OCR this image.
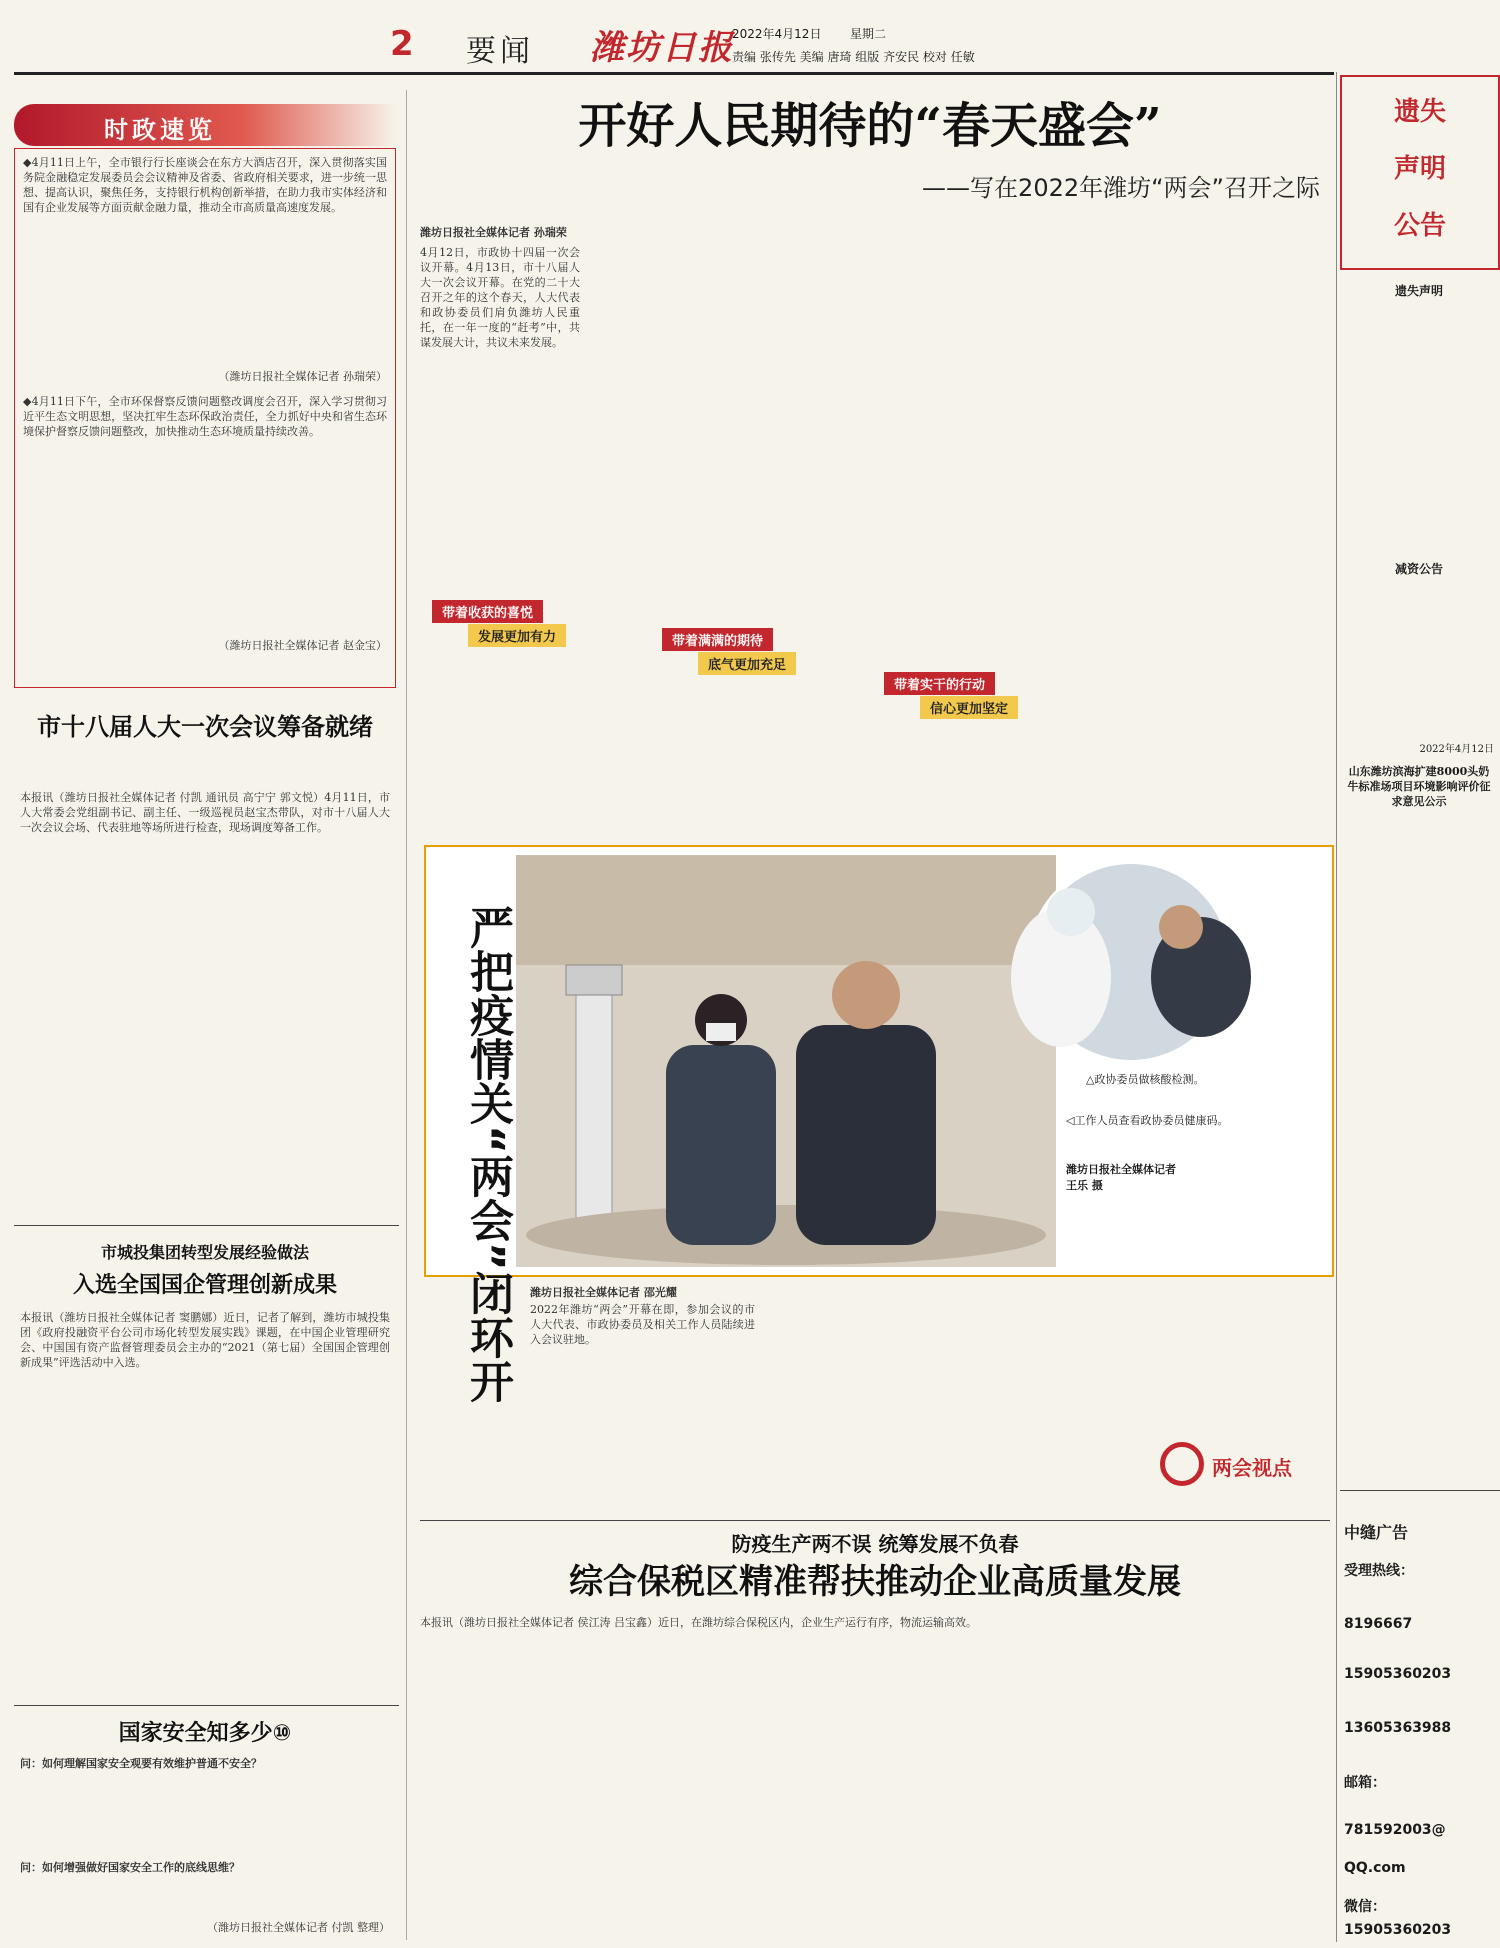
2 要闻 潍坊日报
2022年4月12日 星期二
责编 张传先 美编 唐琦 组版 齐安民 校对 任敏
时政速览

◆4月11日上午，全市银行行长座谈会在东方大酒店召开，深入贯彻落实国务院金融稳定发展委员会会议精神及省委、省政府相关要求，进一步统一思想、提高认识，聚焦任务，支持银行机构创新举措，在助力我市实体经济和国有企业发展等方面贡献金融力量，推动全市高质量高速度发展。

（潍坊日报社全媒体记者 孙瑞荣）

◆4月11日下午，全市环保督察反馈问题整改调度会召开，深入学习贯彻习近平生态文明思想，坚决扛牢生态环保政治责任，全力抓好中央和省生态环境保护督察反馈问题整改，加快推动生态环境质量持续改善。

（潍坊日报社全媒体记者 赵金宝）

市十八届人大一次会议筹备就绪
本报讯（潍坊日报社全媒体记者 付凯 通讯员 高宁宁 郭文悦）4月11日，市人大常委会党组副书记、副主任、一级巡视员赵宝杰带队，对市十八届人大一次会议会场、代表驻地等场所进行检查，现场调度筹备工作。
市城投集团转型发展经验做法
入选全国国企管理创新成果
本报讯（潍坊日报社全媒体记者 窦鹏娜）近日，记者了解到，潍坊市城投集团《政府投融资平台公司市场化转型发展实践》课题，在中国企业管理研究会、中国国有资产监督管理委员会主办的“2021（第七届）全国国企管理创新成果”评选活动中入选。
国家安全知多少⑩
问：如何理解国家安全观要有效维护普通不安全？
问：如何增强做好国家安全工作的底线思维？
（潍坊日报社全媒体记者 付凯 整理）
开好人民期待的“春天盛会”
——写在2022年潍坊“两会”召开之际
潍坊日报社全媒体记者 孙瑞荣
4月12日，市政协十四届一次会议开幕。4月13日，市十八届人大一次会议开幕。在党的二十大召开之年的这个春天，人大代表和政协委员们肩负潍坊人民重托，在一年一度的“赶考”中，共谋发展大计，共议未来发展。
带着收获的喜悦
发展更加有力	带着满满的期待
底气更加充足
带着实干的行动
信心更加坚定
△政协委员做核酸检测。
◁工作人员查看政协委员健康码。
潍坊日报社全媒体记者
王乐 摄
严把疫情关“两会”闭环开 潍坊日报社全媒体记者 邵光耀
2022年潍坊“两会”开幕在即，参加会议的市人大代表、市政协委员及相关工作人员陆续进入会议驻地。
两会视点
防疫生产两不误 统筹发展不负春
综合保税区精准帮扶推动企业高质量发展
本报讯（潍坊日报社全媒体记者 侯江涛 吕宝鑫）近日，在潍坊综合保税区内，企业生产运行有序，物流运输高效。
遗失
声明
公告
遗失声明
减资公告
山东潍坊滨海扩建8000头奶牛标准场项目环境影响评价征求意见公示
2022年4月12日
中缝广告
受理热线：
8196667
15905360203
13605363988
邮箱：
781592003@
QQ.com
微信：
15905360203
